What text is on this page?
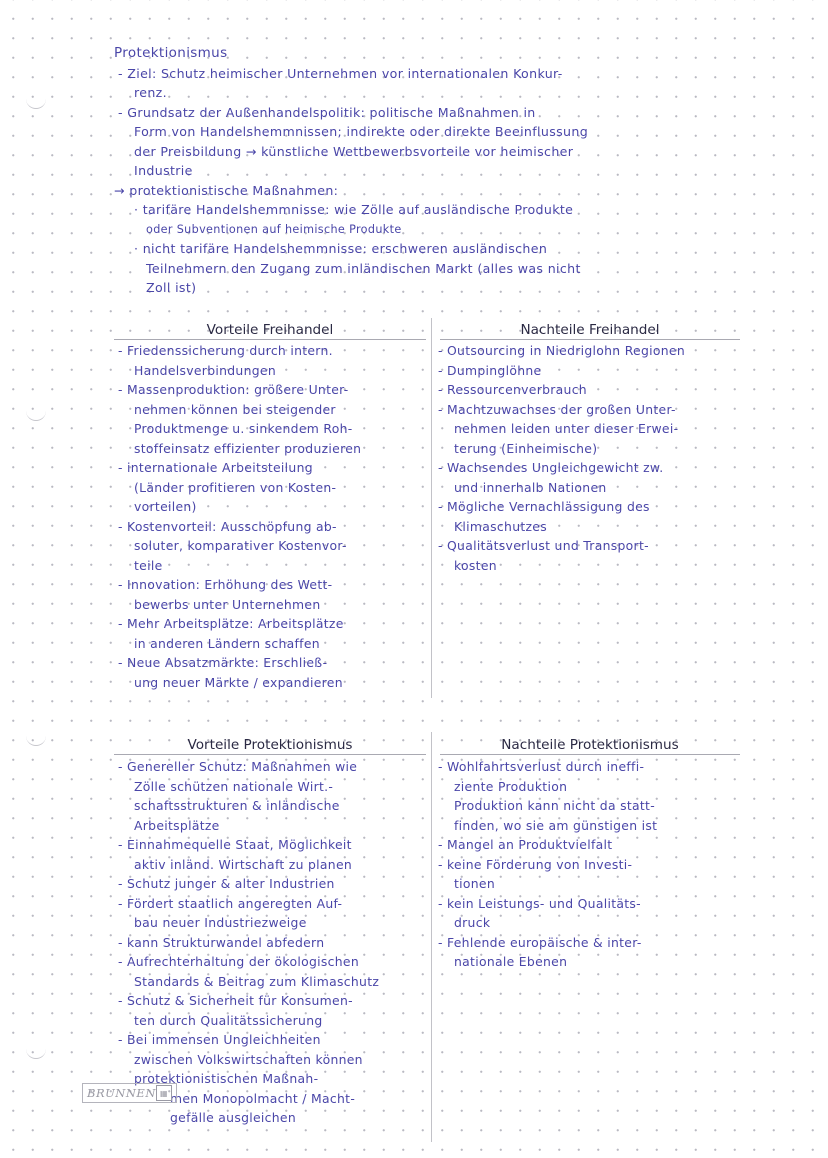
Protektionismus
- Ziel: Schutz heimischer Unternehmen vor internationalen Konkur-
renz.
- Grundsatz der Außenhandelspolitik: politische Maßnahmen in
Form von Handelshemmnissen; indirekte oder direkte Beeinflussung
der Preisbildung → künstliche Wettbewerbsvorteile vor heimischer
Industrie
→ protektionistische Maßnahmen:
· tarifäre Handelshemmnisse: wie Zölle auf ausländische Produkte
oder Subventionen auf heimische Produkte
· nicht tarifäre Handelshemmnisse: erschweren ausländischen
Teilnehmern den Zugang zum inländischen Markt (alles was nicht
Zoll ist)
Vorteile Freihandel	Nachteile Freihandel
- Friedenssicherung durch intern.
Handelsverbindungen
- Massenproduktion: größere Unter-
nehmen können bei steigender
Produktmenge u. sinkendem Roh-
stoffeinsatz effizienter produzieren
- internationale Arbeitsteilung
(Länder profitieren von Kosten-
vorteilen)
- Kostenvorteil: Ausschöpfung ab-
soluter, komparativer Kostenvor-
teile
- Innovation: Erhöhung des Wett-
bewerbs unter Unternehmen
- Mehr Arbeitsplätze: Arbeitsplätze
in anderen Ländern schaffen
- Neue Absatzmärkte: Erschließ-
ung neuer Märkte / expandieren
- Outsourcing in Niedriglohn Regionen
- Dumpinglöhne
- Ressourcenverbrauch
- Machtzuwachses der großen Unter-
nehmen leiden unter dieser Erwei-
terung (Einheimische)
- Wachsendes Ungleichgewicht zw.
und innerhalb Nationen
- Mögliche Vernachlässigung des
Klimaschutzes
- Qualitätsverlust und Transport-
kosten
Vorteile Protektionismus	Nachteile Protektionismus
- Genereller Schutz: Maßnahmen wie
Zölle schützen nationale Wirt.-
schaftsstrukturen & inländische
Arbeitsplätze
- Einnahmequelle Staat, Möglichkeit
aktiv inländ. Wirtschaft zu planen
- Schutz junger & alter Industrien
- Fördert staatlich angeregten Auf-
bau neuer Industriezweige
- kann Strukturwandel abfedern
- Aufrechterhaltung der ökologischen
Standards & Beitrag zum Klimaschutz
- Schutz & Sicherheit für Konsumen-
ten durch Qualitätssicherung
- Bei immensen Ungleichheiten
zwischen Volkswirtschaften können
protektionistischen Maßnah-
men Monopolmacht / Macht-
gefälle ausgleichen
- Wohlfahrtsverlust durch ineffi-
ziente Produktion
Produktion kann nicht da statt-
finden, wo sie am günstigen ist
- Mangel an Produktvielfalt
- keine Förderung von Investi-
tionen
- kein Leistungs- und Qualitäts-
druck
- Fehlende europäische & inter-
nationale Ebenen
BRUNNEN ▦
